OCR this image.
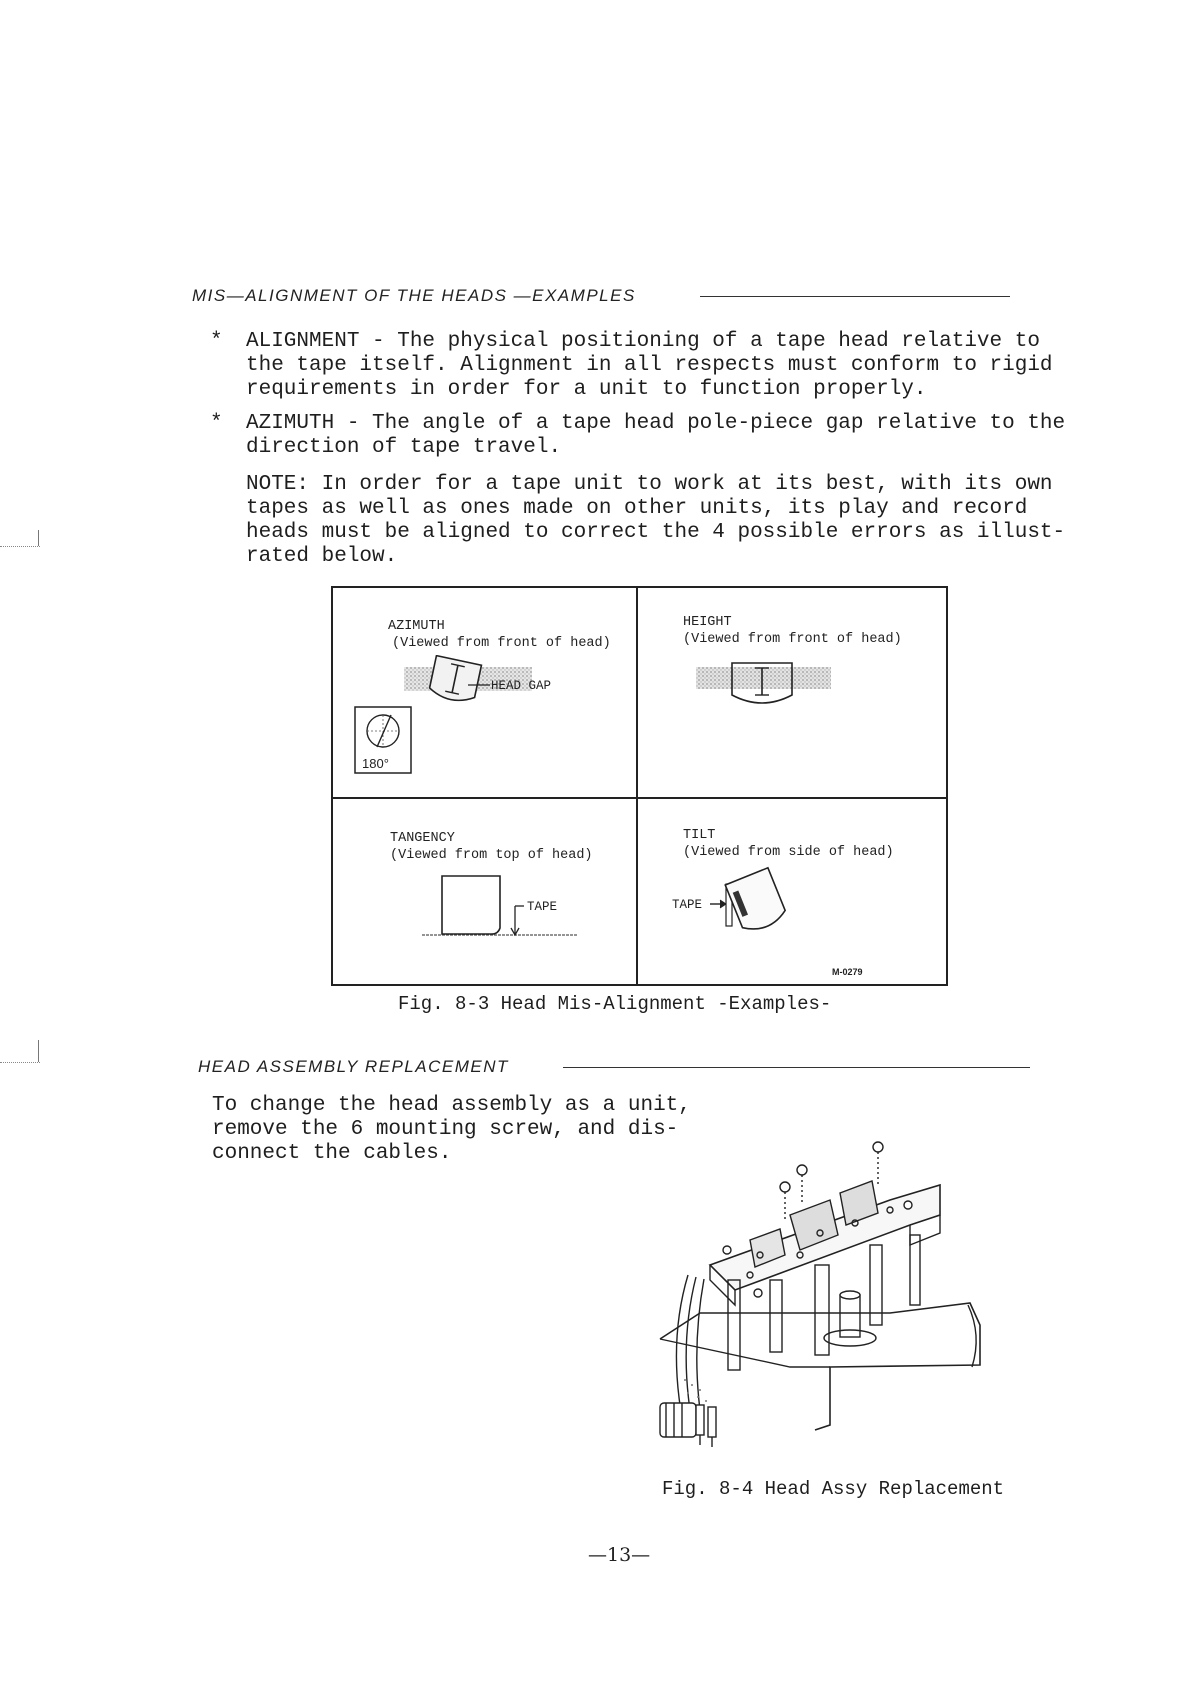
MIS—ALIGNMENT OF THE HEADS —EXAMPLES
* ALIGNMENT - The physical positioning of a tape head relative to
the tape itself. Alignment in all respects must conform to rigid
requirements in order for a unit to function properly.
* AZIMUTH - The angle of a tape head pole-piece gap relative to the
direction of tape travel.
NOTE: In order for a tape unit to work at its best, with its own
tapes as well as ones made on other units, its play and record
heads must be aligned to correct the 4 possible errors as illust-
rated below.
AZIMUTH
(Viewed from front of head)
HEAD GAP
180°
HEIGHT
(Viewed from front of head)
TANGENCY
(Viewed from top of head)
TAPE
TILT
(Viewed from side of head)
TAPE
M-0279
Fig. 8-3 Head Mis-Alignment -Examples-
HEAD ASSEMBLY REPLACEMENT
To change the head assembly as a unit,
remove the 6 mounting screw, and dis-
connect the cables.
Fig. 8-4 Head Assy Replacement
—13—
